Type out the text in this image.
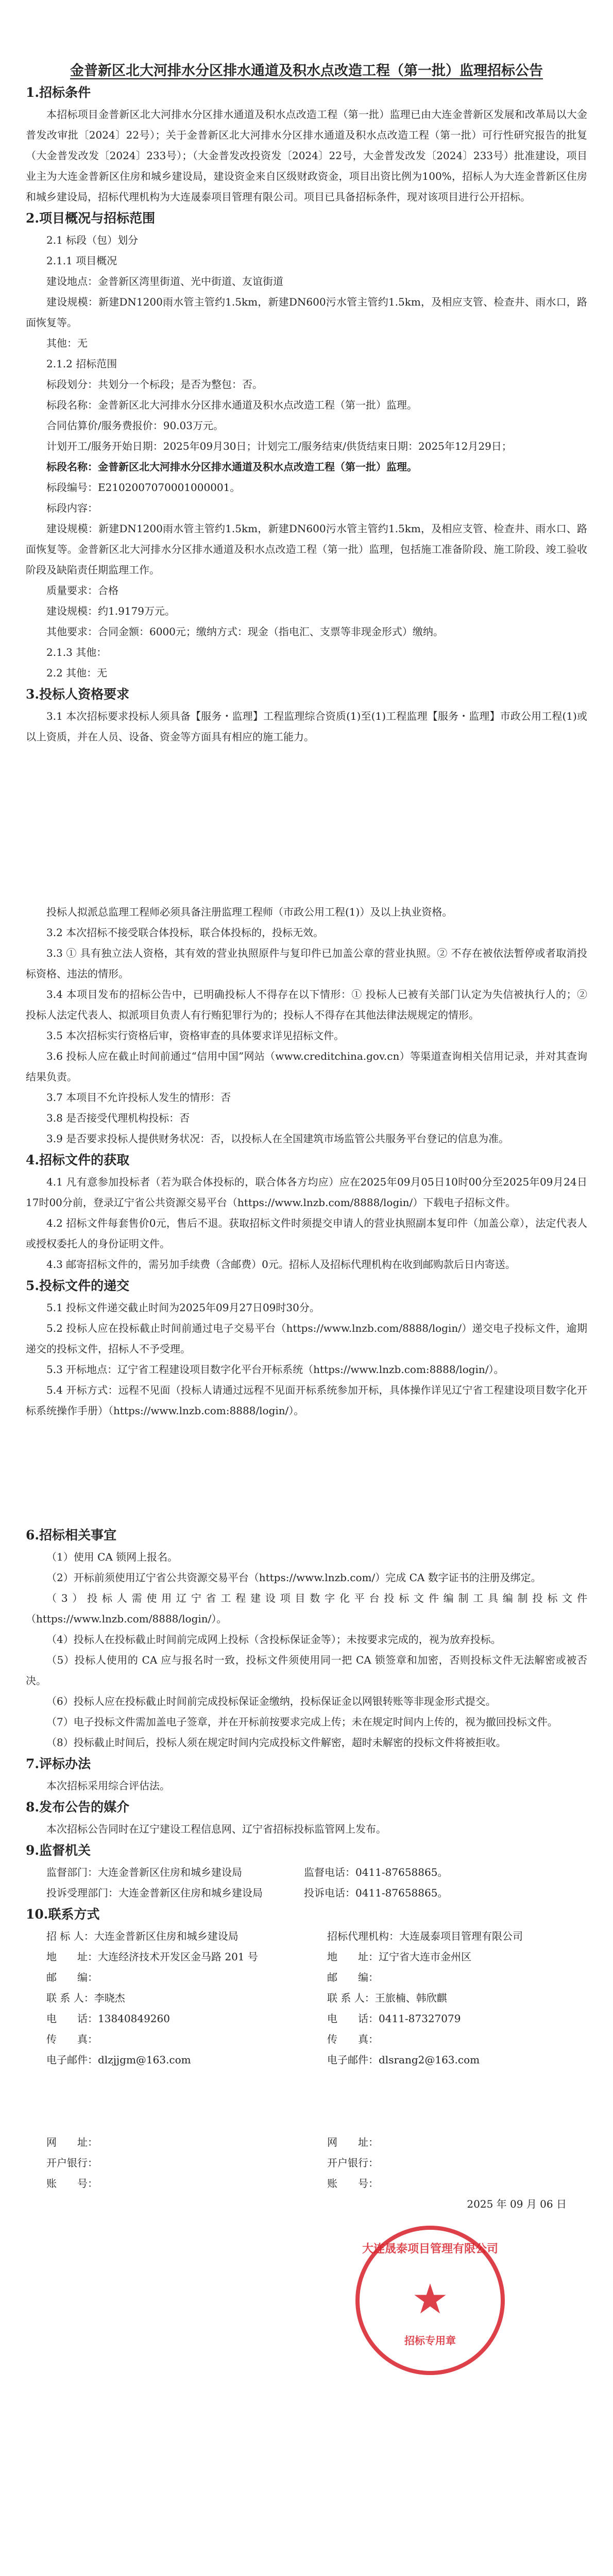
金普新区北大河排水分区排水通道及积水点改造工程（第一批）监理招标公告
1.招标条件

本招标项目金普新区北大河排水分区排水通道及积水点改造工程（第一批）监理已由大连金普新区发展和改革局以大金普发改审批〔2024〕22号）；关于金普新区北大河排水分区排水通道及积水点改造工程（第一批）可行性研究报告的批复（大金普发改发〔2024〕233号）；（大金普发改投资发〔2024〕22号，大金普发改发〔2024〕233号）批准建设，项目业主为大连金普新区住房和城乡建设局，建设资金来自区级财政资金，项目出资比例为100%，招标人为大连金普新区住房和城乡建设局，招标代理机构为大连晟泰项目管理有限公司。项目已具备招标条件，现对该项目进行公开招标。

2.项目概况与招标范围

2.1 标段（包）划分

2.1.1 项目概况

建设地点：金普新区湾里街道、光中街道、友谊街道

建设规模：新建DN1200雨水管主管约1.5km，新建DN600污水管主管约1.5km，及相应支管、检查井、雨水口，路面恢复等。

其他：无

2.1.2 招标范围

标段划分：共划分一个标段；是否为整包：否。

标段名称：金普新区北大河排水分区排水通道及积水点改造工程（第一批）监理。

合同估算价/服务费报价：90.03万元。

计划开工/服务开始日期：2025年09月30日；计划完工/服务结束/供货结束日期：2025年12月29日；

标段名称：金普新区北大河排水分区排水通道及积水点改造工程（第一批）监理。

标段编号：E2102007070001000001。

标段内容：

建设规模：新建DN1200雨水管主管约1.5km，新建DN600污水管主管约1.5km，及相应支管、检查井、雨水口、路面恢复等。金普新区北大河排水分区排水通道及积水点改造工程（第一批）监理，包括施工准备阶段、施工阶段、竣工验收阶段及缺陷责任期监理工作。

质量要求：合格

建设规模：约1.9179万元。

其他要求：合同金额：6000元；缴纳方式：现金（指电汇、支票等非现金形式）缴纳。

2.1.3 其他：

2.2 其他：无

3.投标人资格要求

3.1 本次招标要求投标人须具备【服务・监理】工程监理综合资质(1)至(1)工程监理【服务・监理】市政公用工程(1)或以上资质，并在人员、设备、资金等方面具有相应的施工能力。

投标人拟派总监理工程师必须具备注册监理工程师（市政公用工程(1)）及以上执业资格。

3.2 本次招标不接受联合体投标，联合体投标的，投标无效。

3.3 ① 具有独立法人资格，其有效的营业执照原件与复印件已加盖公章的营业执照。② 不存在被依法暂停或者取消投标资格、违法的情形。

3.4 本项目发布的招标公告中，已明确投标人不得存在以下情形：① 投标人已被有关部门认定为失信被执行人的；② 投标人法定代表人、拟派项目负责人有行贿犯罪行为的；投标人不得存在其他法律法规规定的情形。

3.5 本次招标实行资格后审，资格审查的具体要求详见招标文件。

3.6 投标人应在截止时间前通过“信用中国”网站（www.creditchina.gov.cn）等渠道查询相关信用记录，并对其查询结果负责。

3.7 本项目不允许投标人发生的情形：否

3.8 是否接受代理机构投标：否

3.9 是否要求投标人提供财务状况：否，以投标人在全国建筑市场监管公共服务平台登记的信息为准。

4.招标文件的获取

4.1 凡有意参加投标者（若为联合体投标的，联合体各方均应）应在2025年09月05日10时00分至2025年09月24日17时00分前，登录辽宁省公共资源交易平台（https://www.lnzb.com/8888/login/）下载电子招标文件。

4.2 招标文件每套售价0元，售后不退。获取招标文件时须提交申请人的营业执照副本复印件（加盖公章），法定代表人或授权委托人的身份证明文件。

4.3 邮寄招标文件的，需另加手续费（含邮费）0元。招标人及招标代理机构在收到邮购款后日内寄送。

5.投标文件的递交

5.1 投标文件递交截止时间为2025年09月27日09时30分。

5.2 投标人应在投标截止时间前通过电子交易平台（https://www.lnzb.com/8888/login/）递交电子投标文件，逾期递交的投标文件，招标人不予受理。

5.3 开标地点：辽宁省工程建设项目数字化平台开标系统（https://www.lnzb.com:8888/login/）。

5.4 开标方式：远程不见面（投标人请通过远程不见面开标系统参加开标，具体操作详见辽宁省工程建设项目数字化开标系统操作手册）（https://www.lnzb.com:8888/login/）。

6.招标相关事宜

（1）使用 CA 锁网上报名。

（2）开标前须使用辽宁省公共资源交易平台（https://www.lnzb.com/）完成 CA 数字证书的注册及绑定。

（3）投标人需使用辽宁省工程建设项目数字化平台投标文件编制工具编制投标文件（https://www.lnzb.com/8888/login/）。

（4）投标人在投标截止时间前完成网上投标（含投标保证金等）；未按要求完成的，视为放弃投标。

（5）投标人使用的 CA 应与报名时一致，投标文件须使用同一把 CA 锁签章和加密，否则投标文件无法解密或被否决。

（6）投标人应在投标截止时间前完成投标保证金缴纳，投标保证金以网银转账等非现金形式提交。

（7）电子投标文件需加盖电子签章，并在开标前按要求完成上传；未在规定时间内上传的，视为撤回投标文件。

（8）投标截止时间后，投标人须在规定时间内完成投标文件解密，超时未解密的投标文件将被拒收。

7.评标办法

本次招标采用综合评估法。

8.发布公告的媒介

本次招标公告同时在辽宁建设工程信息网、辽宁省招标投标监管网上发布。

9.监督机关

监督部门：大连金普新区住房和城乡建设局　　　　　　监督电话：0411-87658865。

投诉受理部门：大连金普新区住房和城乡建设局　　　　投诉电话：0411-87658865。

10.联系方式
招 标 人：大连金普新区住房和城乡建设局	招标代理机构：大连晟泰项目管理有限公司
地　　址：大连经济技术开发区金马路 201 号	地　　址：辽宁省大连市金州区
邮　　编：	邮　　编：
联 系 人：李晓杰	联 系 人：王旅楠、韩欣麒
电　　话：13840849260	电　　话：0411-87327079
传　　真：	传　　真：
电子邮件：dlzjjgm@163.com	电子邮件：dlsrang2@163.com
网　　址：	网　　址：
开户银行：	开户银行：
账　　号：	账　　号：
2025 年 09 月 06 日
大连晟泰项目管理有限公司
★
招标专用章
